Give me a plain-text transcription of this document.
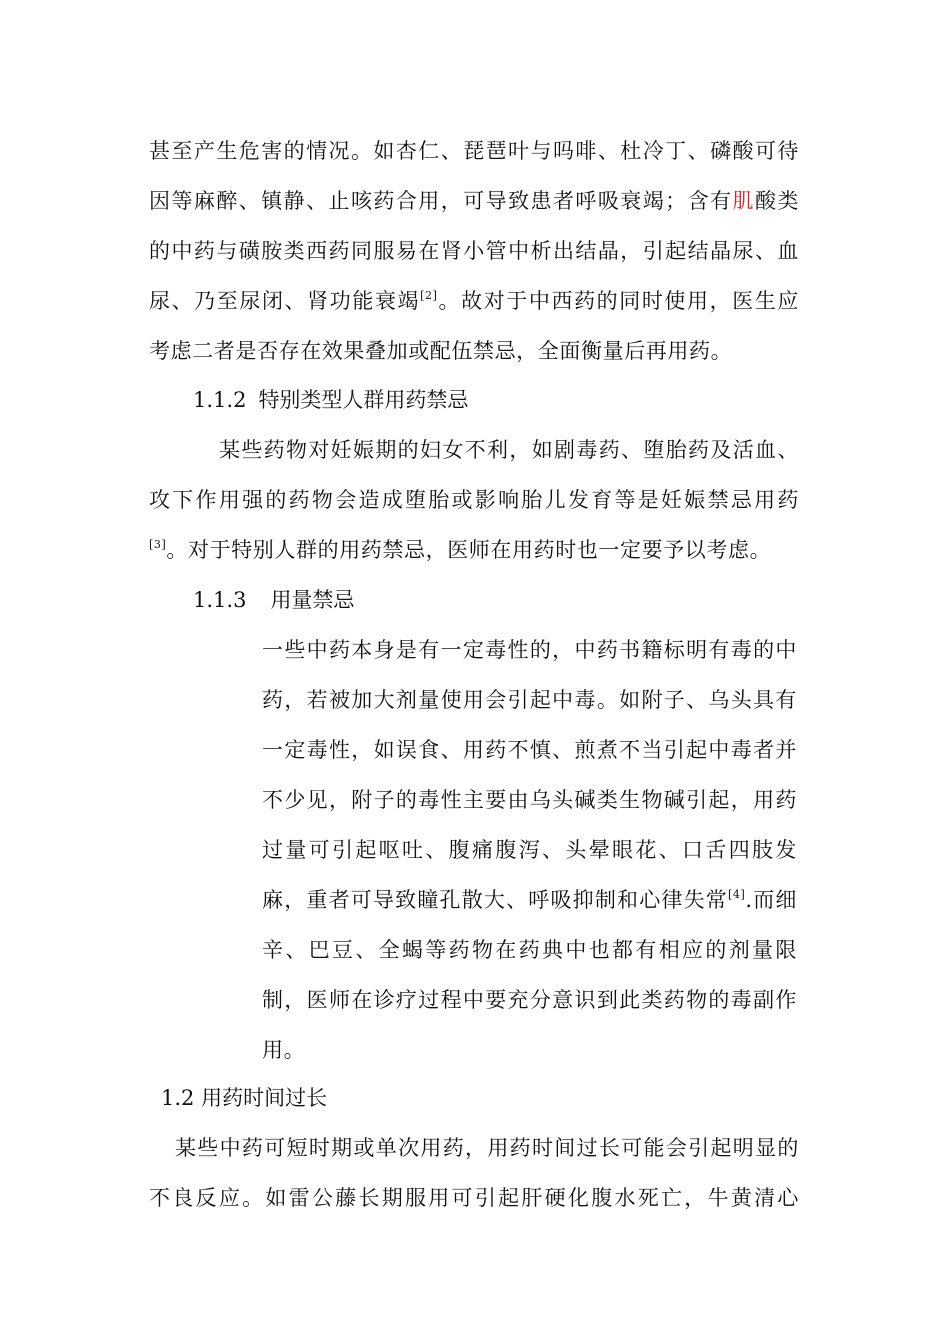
甚至产生危害的情况。如杏仁、琵琶叶与吗啡、杜冷丁、磷酸可待
因等麻醉、镇静、止咳药合用，可导致患者呼吸衰竭；含有肌酸类
的中药与磺胺类西药同服易在肾小管中析出结晶，引起结晶尿、血
尿、乃至尿闭、肾功能衰竭[2]。故对于中西药的同时使用，医生应
考虑二者是否存在效果叠加或配伍禁忌，全面衡量后再用药。
1.1.2 特别类型人群用药禁忌
某些药物对妊娠期的妇女不利，如剧毒药、堕胎药及活血、
攻下作用强的药物会造成堕胎或影响胎儿发育等是妊娠禁忌用药
[3]。对于特别人群的用药禁忌，医师在用药时也一定要予以考虑。
1.1.3 用量禁忌
一些中药本身是有一定毒性的，中药书籍标明有毒的中
药，若被加大剂量使用会引起中毒。如附子、乌头具有
一定毒性，如误食、用药不慎、煎煮不当引起中毒者并
不少见，附子的毒性主要由乌头碱类生物碱引起，用药
过量可引起呕吐、腹痛腹泻、头晕眼花、口舌四肢发
麻，重者可导致瞳孔散大、呼吸抑制和心律失常[4].而细
辛、巴豆、全蝎等药物在药典中也都有相应的剂量限
制，医师在诊疗过程中要充分意识到此类药物的毒副作
用。
1.2 用药时间过长
某些中药可短时期或单次用药，用药时间过长可能会引起明显的
不良反应。如雷公藤长期服用可引起肝硬化腹水死亡，牛黄清心
